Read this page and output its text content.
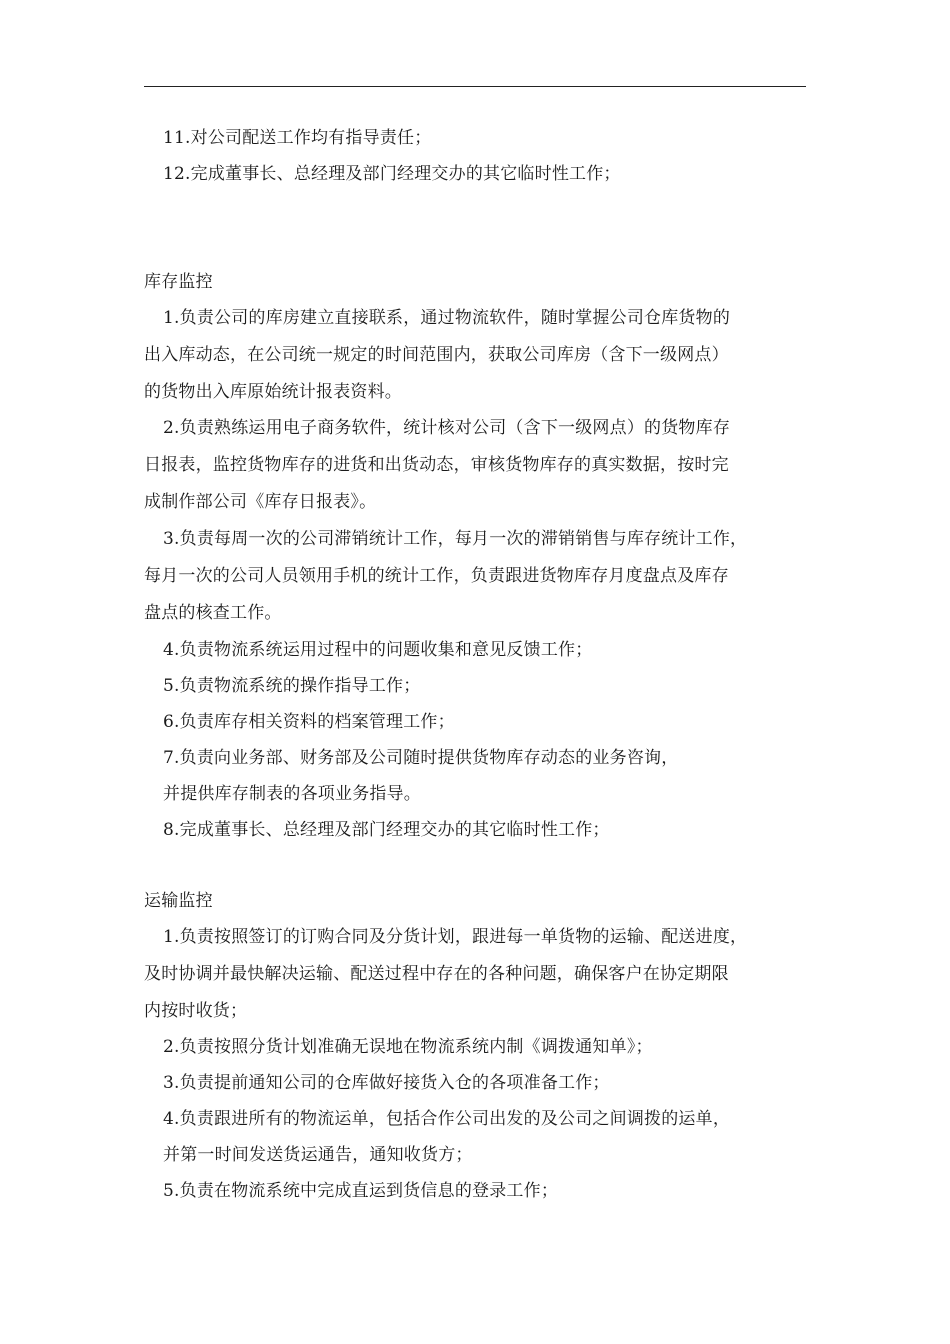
11.对公司配送工作均有指导责任；
12.完成董事长、总经理及部门经理交办的其它临时性工作；
库存监控
1.负责公司的库房建立直接联系，通过物流软件，随时掌握公司仓库货物的
出入库动态，在公司统一规定的时间范围内，获取公司库房（含下一级网点）
的货物出入库原始统计报表资料。
2.负责熟练运用电子商务软件，统计核对公司（含下一级网点）的货物库存
日报表，监控货物库存的进货和出货动态，审核货物库存的真实数据，按时完
成制作部公司《库存日报表》。
3.负责每周一次的公司滞销统计工作，每月一次的滞销销售与库存统计工作，
每月一次的公司人员领用手机的统计工作，负责跟进货物库存月度盘点及库存
盘点的核查工作。
4.负责物流系统运用过程中的问题收集和意见反馈工作；
5.负责物流系统的操作指导工作；
6.负责库存相关资料的档案管理工作；
7.负责向业务部、财务部及公司随时提供货物库存动态的业务咨询，
并提供库存制表的各项业务指导。
8.完成董事长、总经理及部门经理交办的其它临时性工作；
运输监控
1.负责按照签订的订购合同及分货计划，跟进每一单货物的运输、配送进度，
及时协调并最快解决运输、配送过程中存在的各种问题，确保客户在协定期限
内按时收货；
2.负责按照分货计划准确无误地在物流系统内制《调拨通知单》；
3.负责提前通知公司的仓库做好接货入仓的各项准备工作；
4.负责跟进所有的物流运单，包括合作公司出发的及公司之间调拨的运单，
并第一时间发送货运通告，通知收货方；
5.负责在物流系统中完成直运到货信息的登录工作；
